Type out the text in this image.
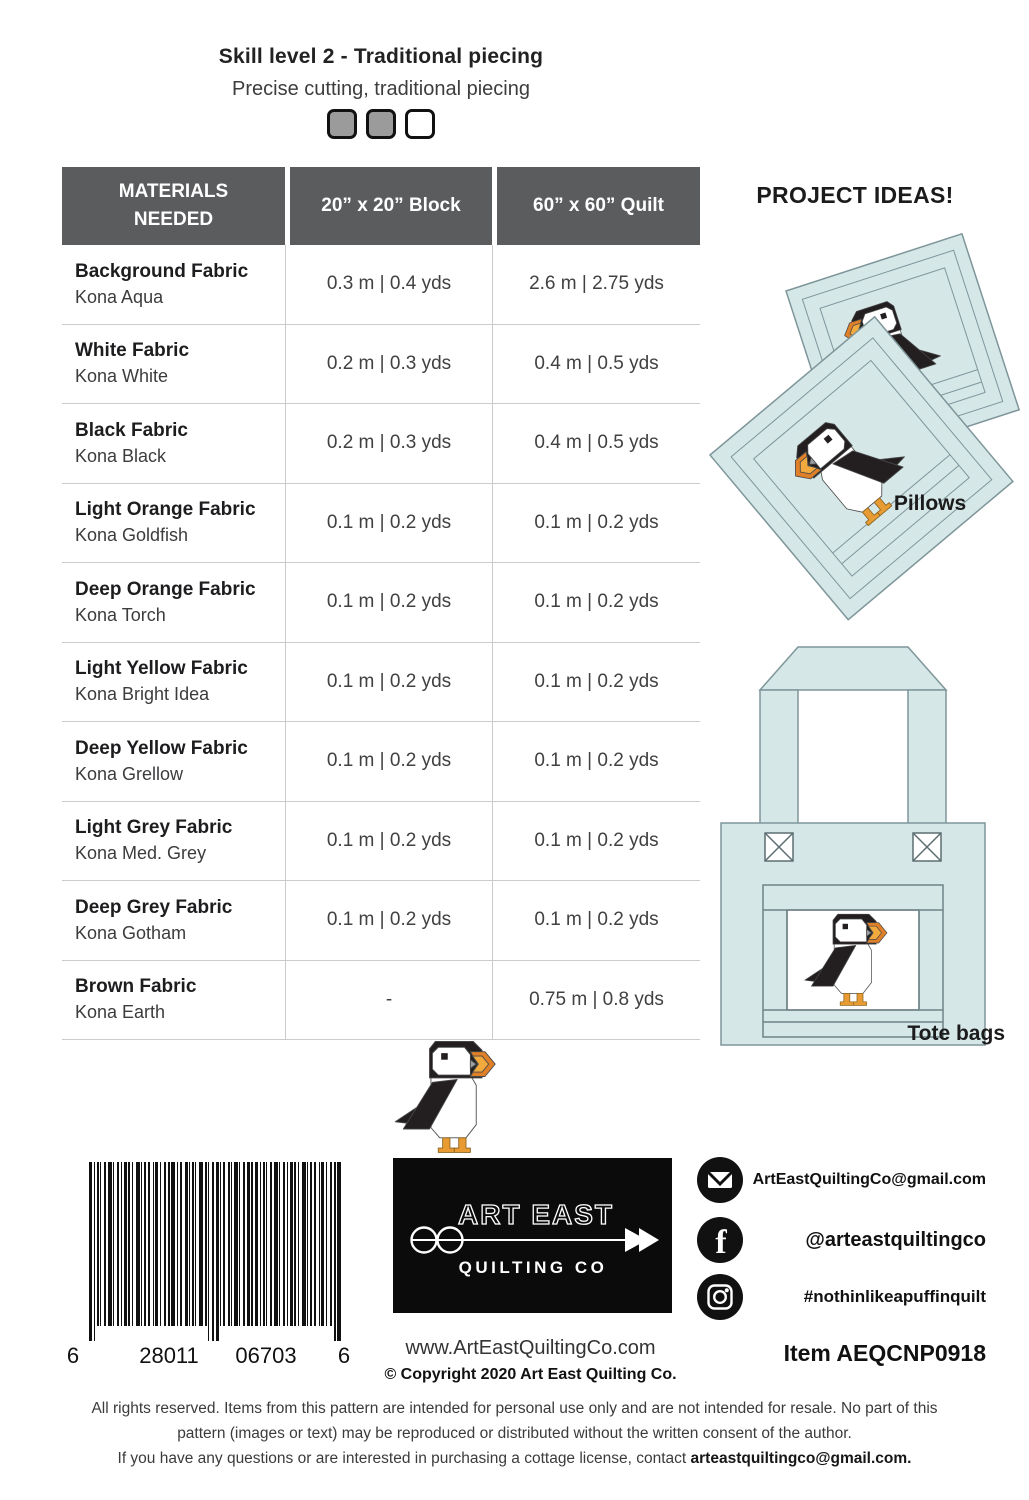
Skill level 2 - Traditional piecing
Precise cutting, traditional piecing
MATERIALS NEEDED
20” x 20” Block	60” x 60” Quilt
Background Fabric
Kona Aqua
0.3 m | 0.4 yds	2.6 m | 2.75 yds
White Fabric
Kona White
0.2 m | 0.3 yds	0.4 m | 0.5 yds
Black Fabric
Kona Black
0.2 m | 0.3 yds	0.4 m | 0.5 yds
Light Orange Fabric
Kona Goldfish
0.1 m | 0.2 yds	0.1 m | 0.2 yds
Deep Orange Fabric
Kona Torch
0.1 m | 0.2 yds	0.1 m | 0.2 yds
Light Yellow Fabric
Kona Bright Idea
0.1 m | 0.2 yds	0.1 m | 0.2 yds
Deep Yellow Fabric
Kona Grellow
0.1 m | 0.2 yds	0.1 m | 0.2 yds
Light Grey Fabric
Kona Med. Grey
0.1 m | 0.2 yds	0.1 m | 0.2 yds
Deep Grey Fabric
Kona Gotham
0.1 m | 0.2 yds	0.1 m | 0.2 yds
Brown Fabric
Kona Earth
-	0.75 m | 0.8 yds
PROJECT IDEAS!
Pillows
Tote bags
ART EAST
QUILTING CO
6	28011 06703 6
ArtEastQuiltingCo@gmail.com
f	@arteastquiltingco
#nothinlikeapuffinquilt
Item AEQCNP0918
www.ArtEastQuiltingCo.com
© Copyright 2020 Art East Quilting Co.
All rights reserved. Items from this pattern are intended for personal use only and are not intended for resale. No part of this
pattern (images or text) may be reproduced or distributed without the written consent of the author.
If you have any questions or are interested in purchasing a cottage license, contact arteastquiltingco@gmail.com.
